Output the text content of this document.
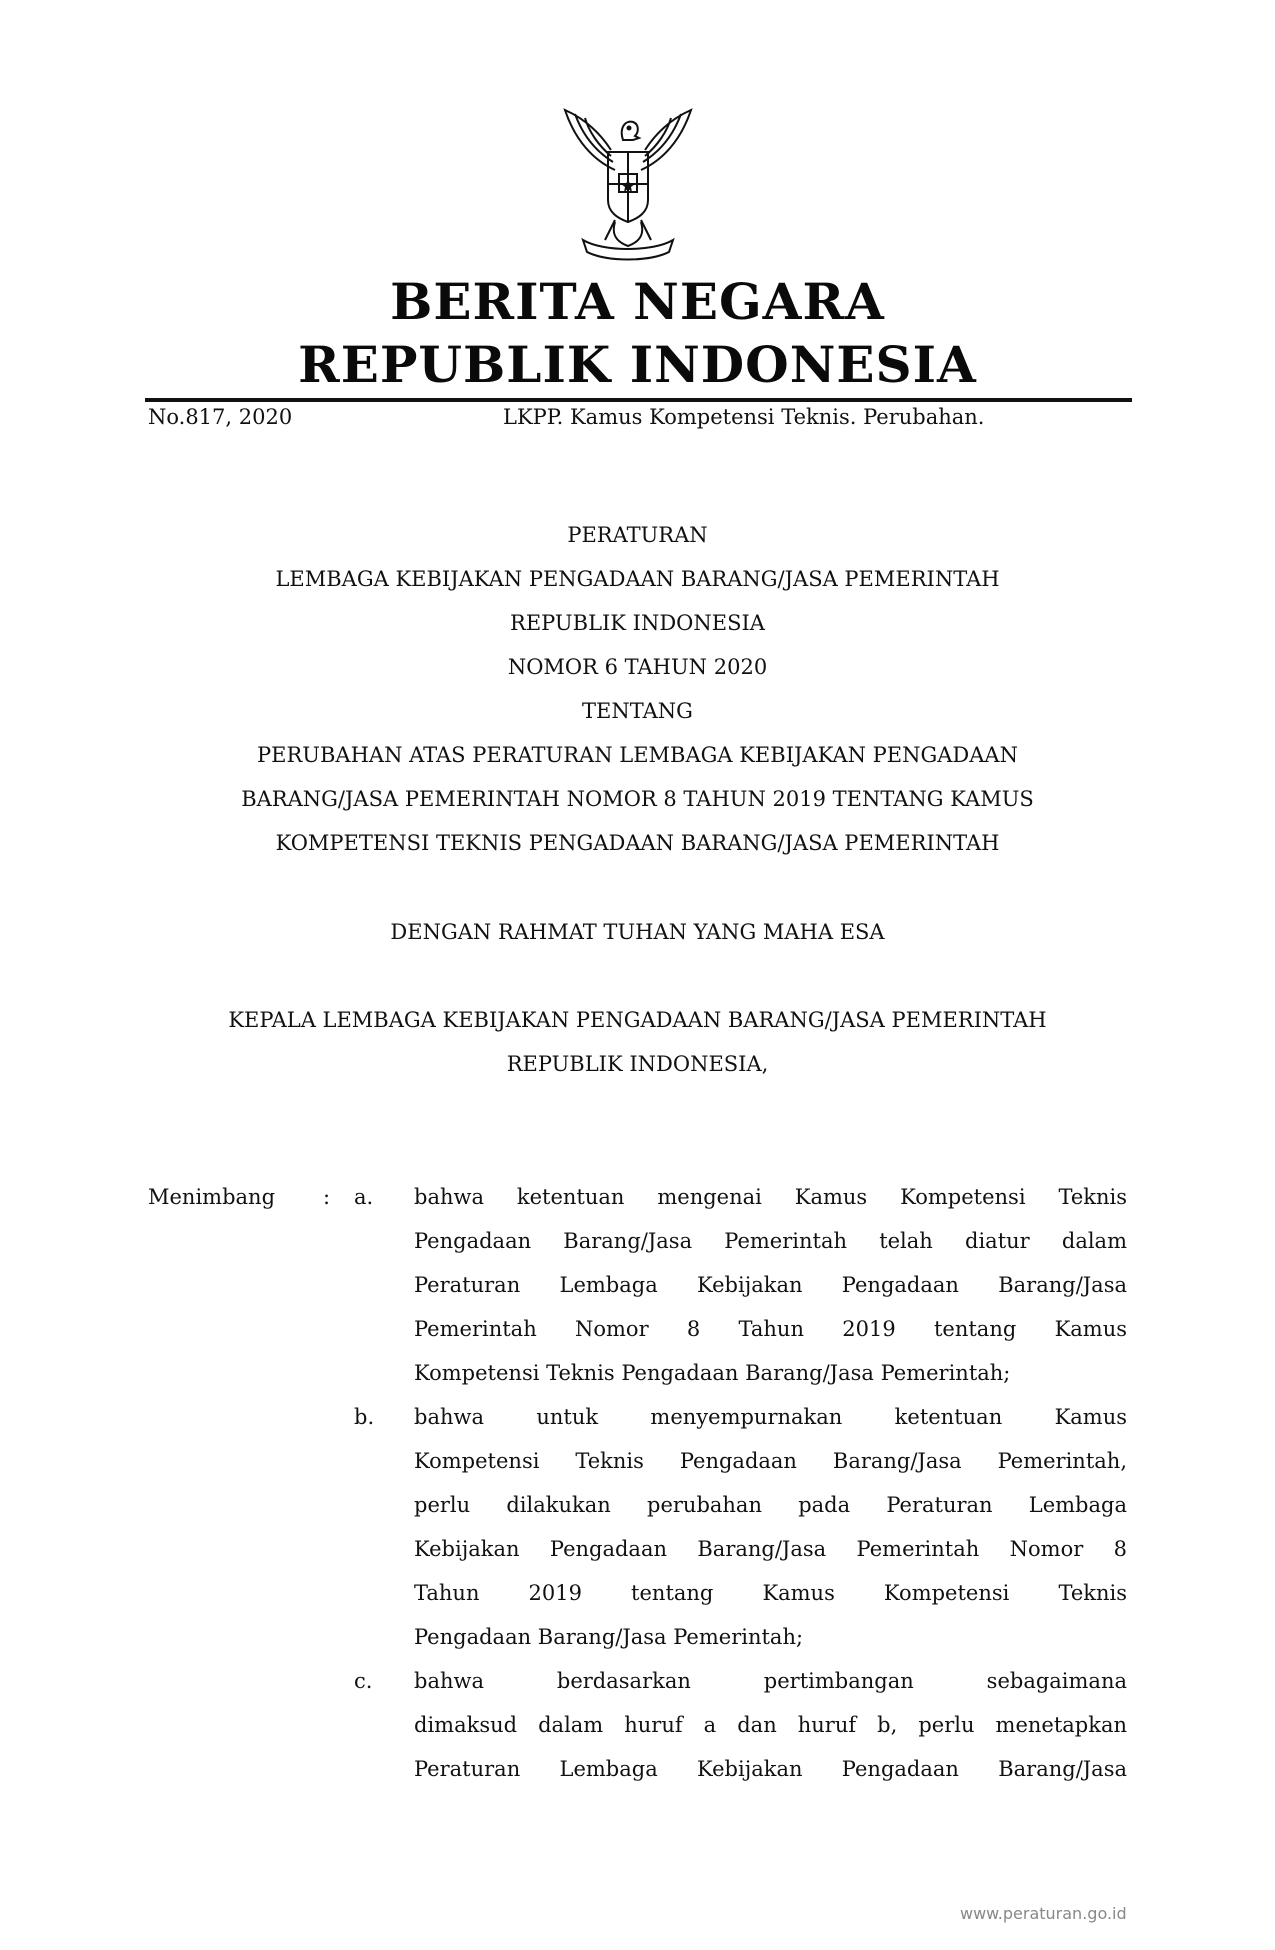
BERITA NEGARA
REPUBLIK INDONESIA
No.817, 2020	LKPP. Kamus Kompetensi Teknis. Perubahan.
PERATURAN
LEMBAGA KEBIJAKAN PENGADAAN BARANG/JASA PEMERINTAH
REPUBLIK INDONESIA
NOMOR 6 TAHUN 2020
TENTANG
PERUBAHAN ATAS PERATURAN LEMBAGA KEBIJAKAN PENGADAAN
BARANG/JASA PEMERINTAH NOMOR 8 TAHUN 2019 TENTANG KAMUS
KOMPETENSI TEKNIS PENGADAAN BARANG/JASA PEMERINTAH
DENGAN RAHMAT TUHAN YANG MAHA ESA
KEPALA LEMBAGA KEBIJAKAN PENGADAAN BARANG/JASA PEMERINTAH
REPUBLIK INDONESIA,
Menimbang : a. bahwa ketentuan mengenai Kamus Kompetensi Teknis
Pengadaan Barang/Jasa Pemerintah telah diatur dalam
Peraturan Lembaga Kebijakan Pengadaan Barang/Jasa
Pemerintah Nomor 8 Tahun 2019 tentang Kamus
Kompetensi Teknis Pengadaan Barang/Jasa Pemerintah;
b. bahwa untuk menyempurnakan ketentuan Kamus
Kompetensi Teknis Pengadaan Barang/Jasa Pemerintah,
perlu dilakukan perubahan pada Peraturan Lembaga
Kebijakan Pengadaan Barang/Jasa Pemerintah Nomor 8
Tahun 2019 tentang Kamus Kompetensi Teknis
Pengadaan Barang/Jasa Pemerintah;
c. bahwa berdasarkan pertimbangan sebagaimana
dimaksud dalam huruf a dan huruf b, perlu menetapkan
Peraturan Lembaga Kebijakan Pengadaan Barang/Jasa
www.peraturan.go.id
